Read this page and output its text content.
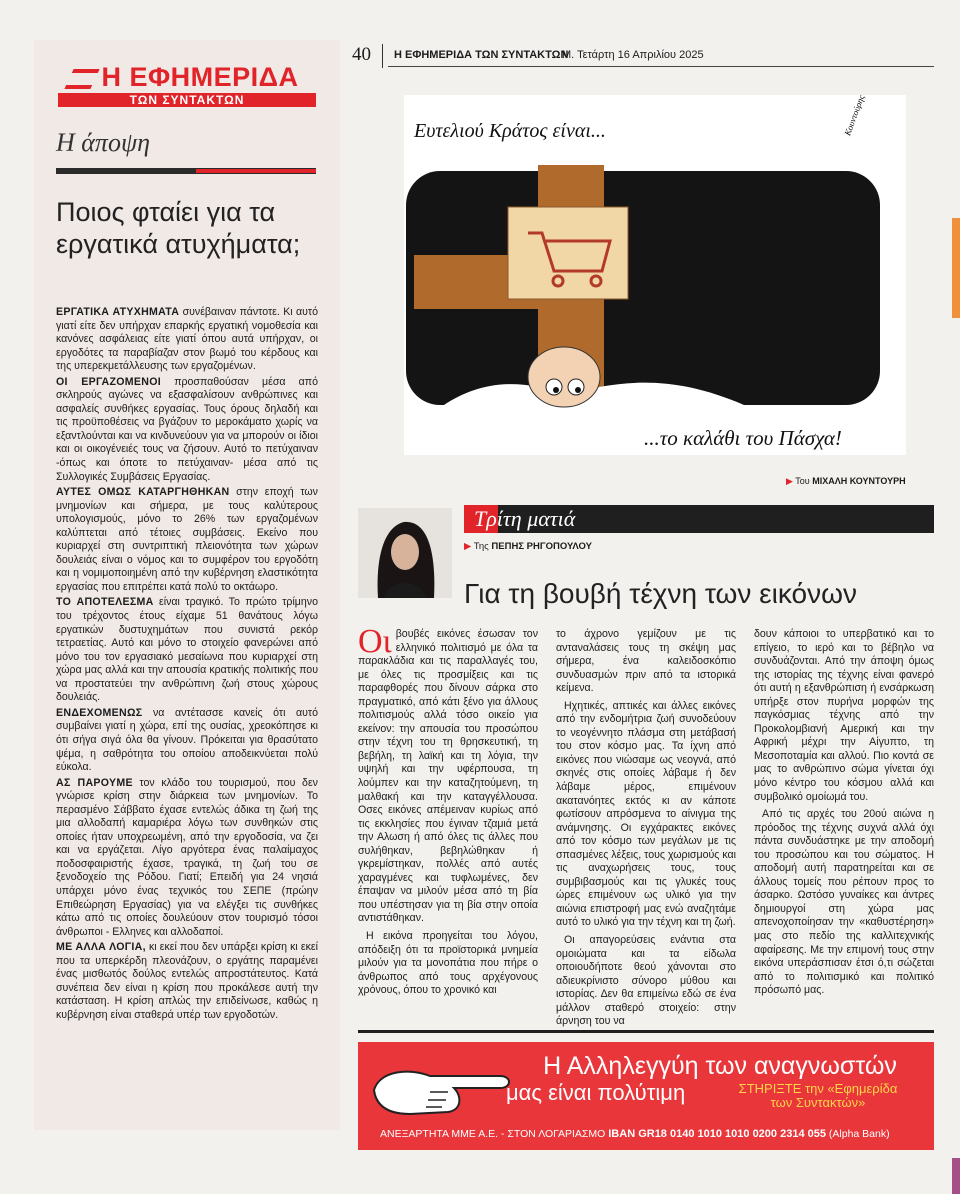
Η ΕΦΗΜΕΡΙΔΑ
ΤΩΝ ΣΥΝΤΑΚΤΩΝ
Η άποψη
Ποιος φταίει για τα εργατικά ατυχήματα;

ΕΡΓΑΤΙΚΑ ΑΤΥΧΗΜΑΤΑ συνέβαιναν πάντοτε. Κι αυτό γιατί είτε δεν υπήρχαν επαρκής εργατική νομοθεσία και κανόνες ασφάλειας είτε γιατί όπου αυτά υπήρχαν, οι εργοδότες τα παραβίαζαν στον βωμό του κέρδους και της υπερεκμετάλλευσης των εργαζομένων.

ΟΙ ΕΡΓΑΖΟΜΕΝΟΙ προσπαθούσαν μέσα από σκληρούς αγώνες να εξασφαλίσουν ανθρώπινες και ασφαλείς συνθήκες εργασίας. Τους όρους δηλαδή και τις προϋποθέσεις να βγάζουν το μεροκάματο χωρίς να εξαντλούνται και να κινδυνεύουν για να μπορούν οι ίδιοι και οι οικογένειές τους να ζήσουν. Αυτό το πετύχαιναν -όπως και όποτε το πετύχαιναν- μέσα από τις Συλλογικές Συμβάσεις Εργασίας.

ΑΥΤΕΣ ΟΜΩΣ ΚΑΤΑΡΓΗΘΗΚΑΝ στην εποχή των μνημονίων και σήμερα, με τους καλύτερους υπολογισμούς, μόνο το 26% των εργαζομένων καλύπτεται από τέτοιες συμβάσεις. Εκείνο που κυριαρχεί στη συντριπτική πλειονότητα των χώρων δουλειάς είναι ο νόμος και το συμφέρον του εργοδότη και η νομιμοποιημένη από την κυβέρνηση ελαστικότητα εργασίας που επιτρέπει κατά πολύ το οκτάωρο.

ΤΟ ΑΠΟΤΕΛΕΣΜΑ είναι τραγικό. Το πρώτο τρίμηνο του τρέχοντος έτους είχαμε 51 θανάτους λόγω εργατικών δυστυχημάτων που συνιστά ρεκόρ τετραετίας. Αυτό και μόνο το στοιχείο φανερώνει από μόνο του τον εργασιακό μεσαίωνα που κυριαρχεί στη χώρα μας αλλά και την απουσία κρατικής πολιτικής που να προστατεύει την ανθρώπινη ζωή στους χώρους δουλειάς.

ΕΝΔΕΧΟΜΕΝΩΣ να αντέτασσε κανείς ότι αυτό συμβαίνει γιατί η χώρα, επί της ουσίας, χρεοκόπησε κι ότι σήγα σιγά όλα θα γίνουν. Πρόκειται για θρασύτατο ψέμα, η σαθρότητα του οποίου αποδεικνύεται πολύ εύκολα.

ΑΣ ΠΑΡΟΥΜΕ τον κλάδο του τουρισμού, που δεν γνώρισε κρίση στην διάρκεια των μνημονίων. Το περασμένο Σάββατο έχασε εντελώς άδικα τη ζωή της μια αλλοδαπή καμαριέρα λόγω των συνθηκών στις οποίες ήταν υποχρεωμένη, από την εργοδοσία, να ζει και να εργάζεται. Λίγο αργότερα ένας παλαίμαχος ποδοσφαιριστής έχασε, τραγικά, τη ζωή του σε ξενοδοχείο της Ρόδου. Γιατί; Επειδή για 24 νησιά υπάρχει μόνο ένας τεχνικός του ΣΕΠΕ (πρώην Επιθεώρηση Εργασίας) για να ελέγξει τις συνθήκες κάτω από τις οποίες δουλεύουν στον τουρισμό τόσοι άνθρωποι - Ελληνες και αλλοδαποί.

ΜΕ ΑΛΛΑ ΛΟΓΙΑ, κι εκεί που δεν υπάρξει κρίση κι εκεί που τα υπερκέρδη πλεονάζουν, ο εργάτης παραμένει ένας μισθωτός δούλος εντελώς απροστάτευτος. Κατά συνέπεια δεν είναι η κρίση που προκάλεσε αυτή την κατάσταση. Η κρίση απλώς την επιδείνωσε, καθώς η κυβέρνηση είναι σταθερά υπέρ των εργοδοτών.

40 Η ΕΦΗΜΕΡΙΔΑ ΤΩΝ ΣΥΝΤΑΚΤΩΝ
Μ. Τετάρτη 16 Απριλίου 2025
Ευτελιού Κράτος είναι...	Κουντούρης
...το καλάθι του Πάσχα!
▶ Του ΜΙΧΑΛΗ ΚΟΥΝΤΟΥΡΗ
Τρίτη ματιά
▶ Της ΠΕΠΗΣ ΡΗΓΟΠΟΥΛΟΥ
Για τη βουβή τέχνη των εικόνων

Οι βουβές εικόνες έσωσαν τον ελληνικό πολιτισμό με όλα τα παρακλάδια και τις παραλλαγές του, με όλες τις προσμίξεις και τις παραφθορές που δίνουν σάρκα στο πραγματικό, από κάτι ξένο για άλλους πολιτισμούς αλλά τόσο οικείο για εκείνον: την απουσία του προσώπου στην τέχνη του τη θρησκευτική, τη βεβήλη, τη λαϊκή και τη λόγια, την υψηλή και την υφέρπουσα, τη λούμπεν και την καταζητούμενη, τη μαλθακή και την καταγγέλλουσα. Οσες εικόνες απέμειναν κυρίως από τις εκκλησίες που έγιναν τζαμιά μετά την Αλωση ή από όλες τις άλλες που συλήθηκαν, βεβηλώθηκαν ή γκρεμίστηκαν, πολλές από αυτές χαραγμένες και τυφλωμένες, δεν έπαψαν να μιλούν μέσα από τη βία που υπέστησαν για τη βία στην οποία αντιστάθηκαν.

Η εικόνα προηγείται του λόγου, απόδειξη ότι τα προϊστορικά μνημεία μιλούν για τα μονοπάτια που πήρε ο άνθρωπος από τους αρχέγονους χρόνους, όπου το χρονικό και

το άχρονο γεμίζουν με τις ανταναλάσεις τους τη σκέψη μας σήμερα, ένα καλειδοσκόπιο συνδυασμών πριν από τα ιστορικά κείμενα.

Ηχητικές, απτικές και άλλες εικόνες από την ενδομήτρια ζωή συνοδεύουν το νεογέννητο πλάσμα στη μετάβασή του στον κόσμο μας. Τα ίχνη από εικόνες που νιώσαμε ως νεογνά, από σκηνές στις οποίες λάβαμε ή δεν λάβαμε μέρος, επιμένουν ακατανόητες εκτός κι αν κάποτε φωτίσουν απρόσμενα το αίνιγμα της ανάμνησης. Οι εγχάρακτες εικόνες από τον κόσμο των μεγάλων με τις σπασμένες λέξεις, τους χωρισμούς και τις αναχωρήσεις τους, τους συμβιβασμούς και τις γλυκές τους ώρες επιμένουν ως υλικό για την αιώνια επιστροφή μας ενώ αναζητάμε αυτό το υλικό για την τέχνη και τη ζωή.

Οι απαγορεύσεις ενάντια στα ομοιώματα και τα είδωλα οποιουδήποτε θεού χάνονται στο αδιευκρίνιστο σύνορο μύθου και ιστορίας. Δεν θα επιμείνω εδώ σε ένα μάλλον σταθερό στοιχείο: στην άρνηση του να

δουν κάποιοι το υπερβατικό και το επίγειο, το ιερό και το βέβηλο να συνδυάζονται. Από την άποψη όμως της ιστορίας της τέχνης είναι φανερό ότι αυτή η εξανθρώπιση ή ενσάρκωση υπήρξε στον πυρήνα μορφών της παγκόσμιας τέχνης από την Προκολομβιανή Αμερική και την Αφρική μέχρι την Αίγυπτο, τη Μεσοποταμία και αλλού. Πιο κοντά σε μας το ανθρώπινο σώμα γίνεται όχι μόνο κέντρο του κόσμου αλλά και συμβολικό ομοίωμά του.

Από τις αρχές του 20ού αιώνα η πρόοδος της τέχνης συχνά αλλά όχι πάντα συνδυάστηκε με την αποδομή του προσώπου και του σώματος. Η αποδομή αυτή παρατηρείται και σε άλλους τομείς που ρέπουν προς το άσαρκο. Ωστόσο γυναίκες και άντρες δημιουργοί στη χώρα μας απενοχοποίησαν την «καθυστέρηση» μας στο πεδίο της καλλιτεχνικής αφαίρεσης. Με την επιμονή τους στην εικόνα υπεράσπισαν έτσι ό,τι σώζεται από το πολιτισμικό και πολιτικό πρόσωπό μας.

Η Αλληλεγγύη των αναγνωστών
μας είναι πολύτιμη	ΣΤΗΡΙΞΤΕ την «Εφημερίδα των Συντακτών»
ΑΝΕΞΑΡΤΗΤΑ ΜΜΕ Α.Ε. - ΣΤΟΝ ΛΟΓΑΡΙΑΣΜΟ IBAN GR18 0140 1010 1010 0200 2314 055 (Alpha Bank)
